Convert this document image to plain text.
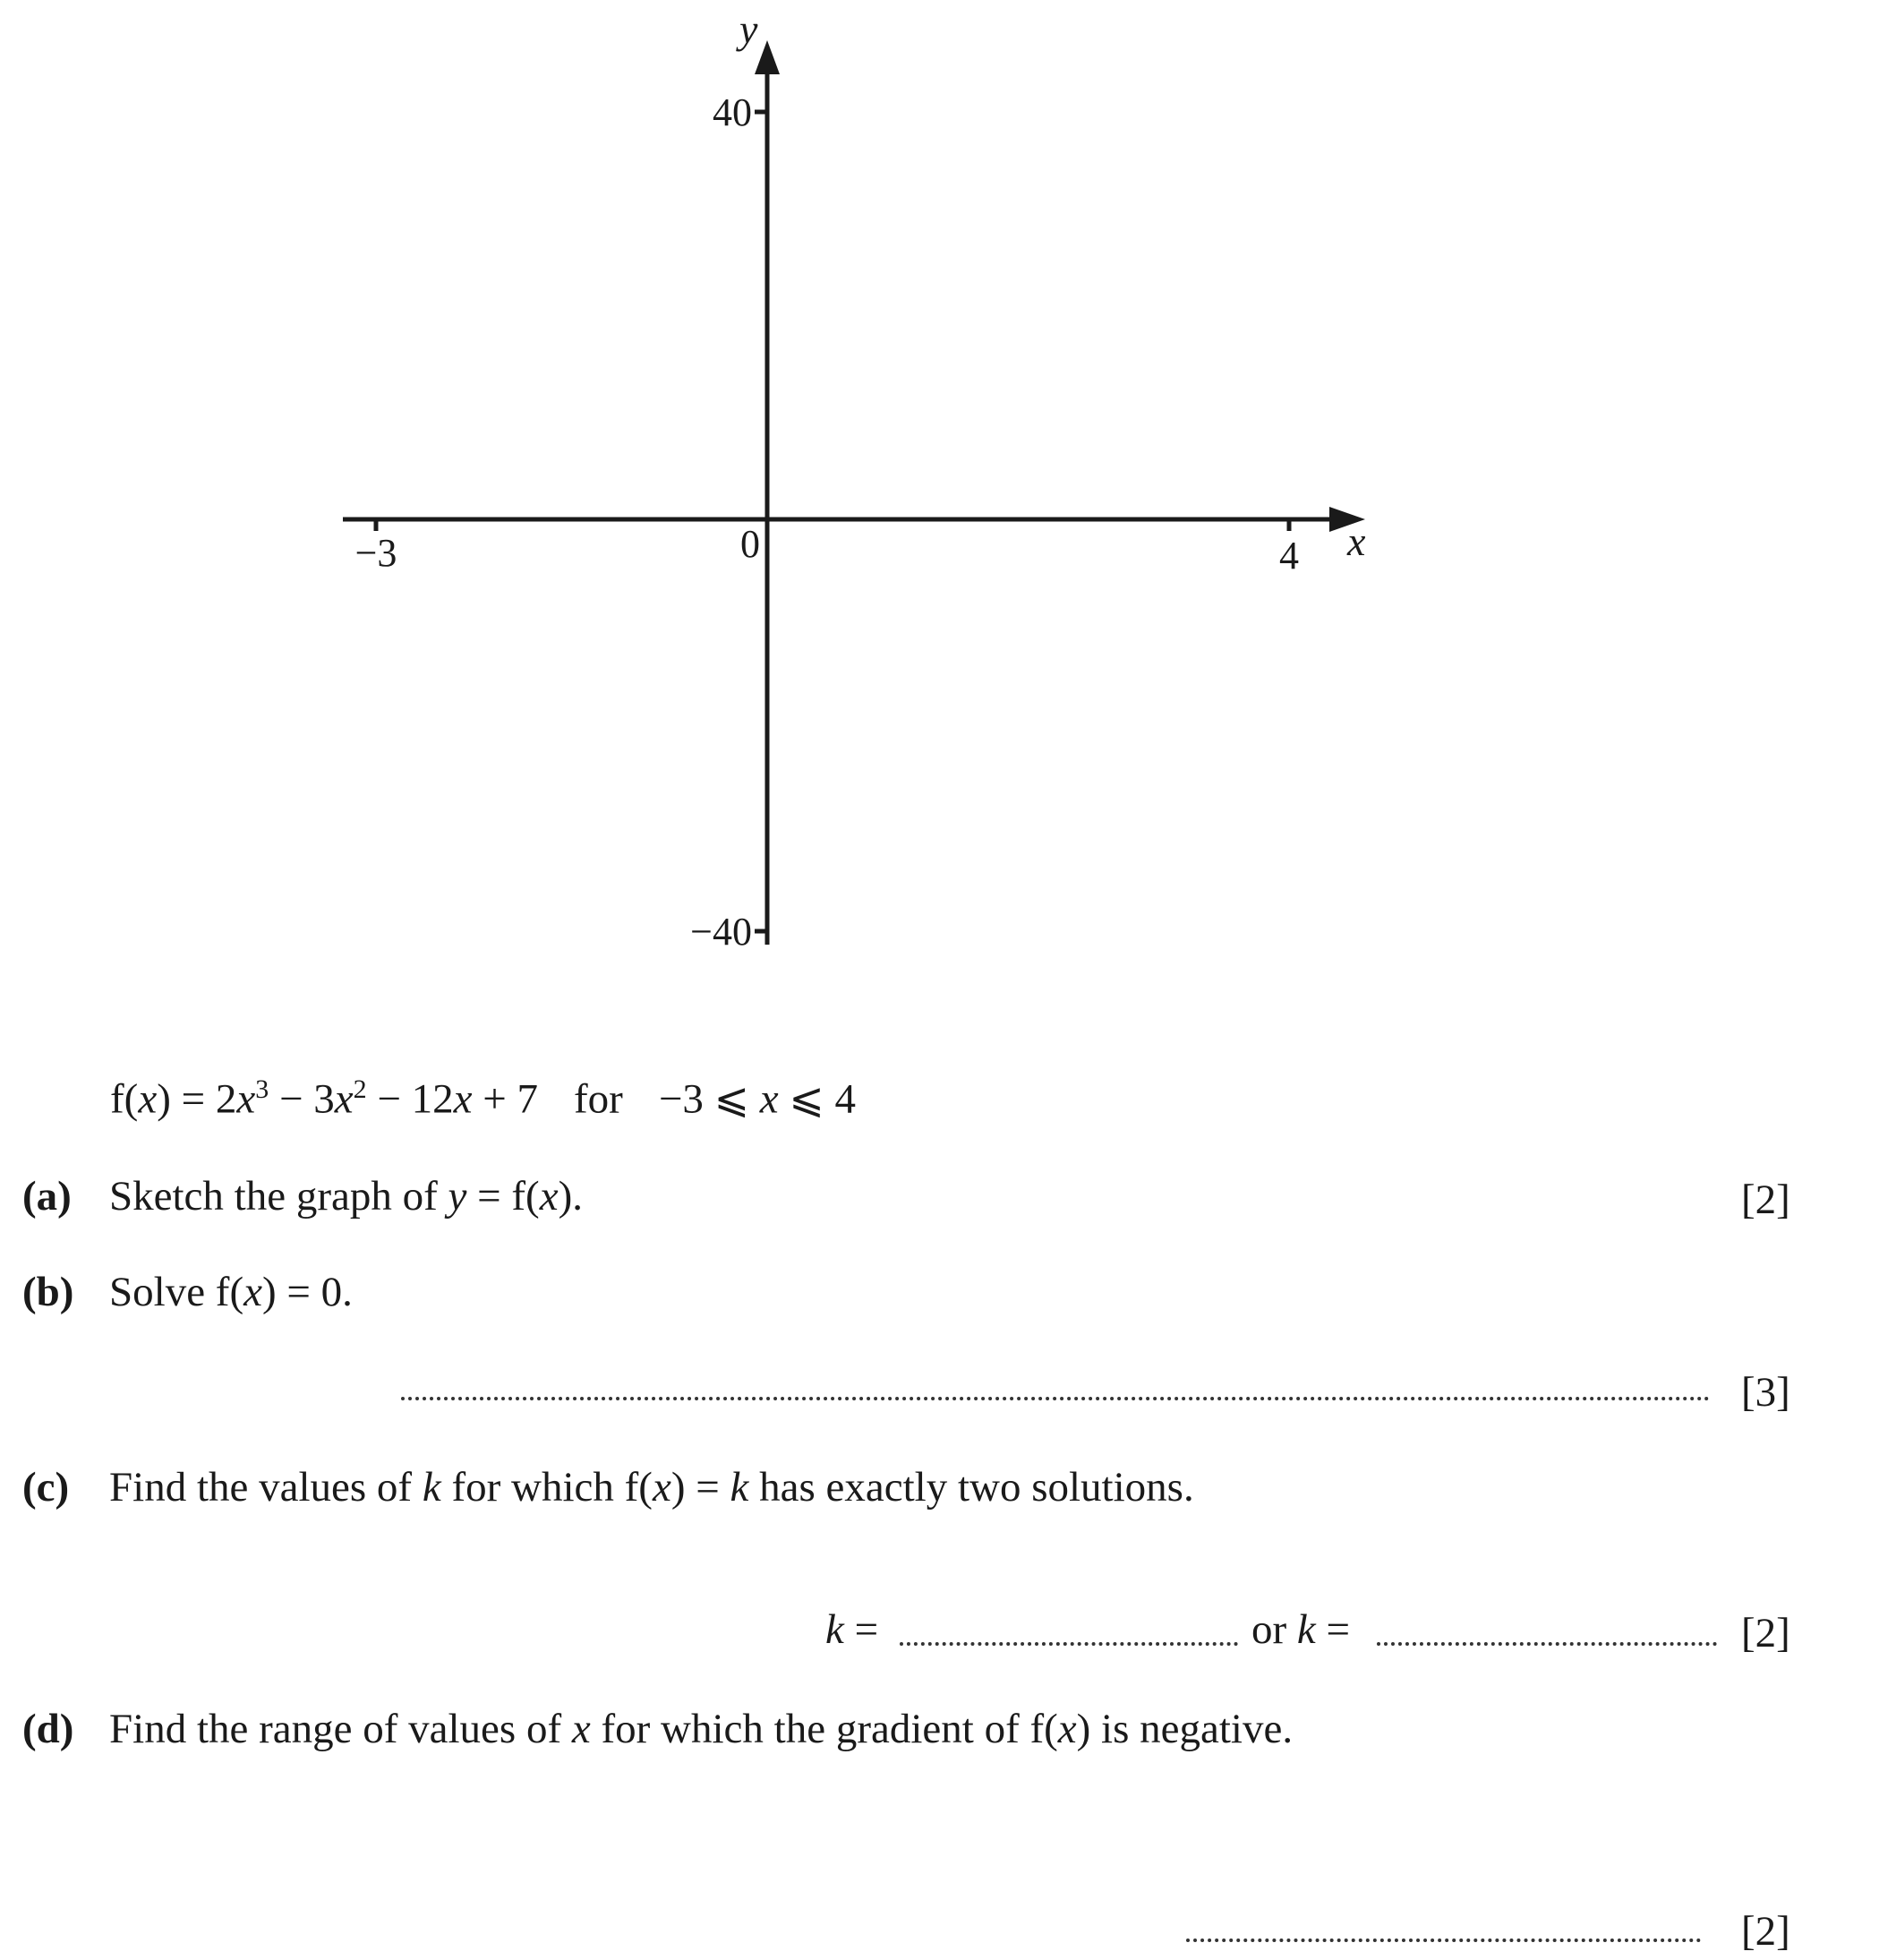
y
x
40
−40
−3	4
0
$f(x) = 2x^3 - 3x^2 - 12x + 7$ for −3 ⩽ x ⩽ 4
(a) Sketch the graph of y = f(x).	[2]
(b) Solve f(x) = 0.
[3]
(c) Find the values of k for which f(x) = k has exactly two solutions.
k =	or k =	[2]
(d) Find the range of values of x for which the gradient of f(x) is negative.
[2]
